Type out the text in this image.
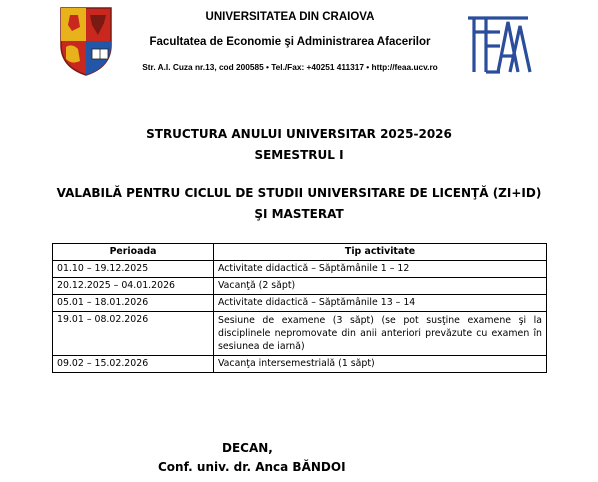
UNIVERSITATEA DIN CRAIOVA
Facultatea de Economie şi Administrarea Afacerilor
Str. A.I. Cuza nr.13, cod 200585 • Tel./Fax: +40251 411317 • http://feaa.ucv.ro
STRUCTURA ANULUI UNIVERSITAR 2025-2026
SEMESTRUL I
VALABILĂ PENTRU CICLUL DE STUDII UNIVERSITARE DE LICENŢĂ (ZI+ID)
ŞI MASTERAT
Perioada	Tip activitate
01.10 – 19.12.2025	Activitate didactică – Săptămânile 1 – 12
20.12.2025 – 04.01.2026	Vacanţă (2 săpt)
05.01 – 18.01.2026	Activitate didactică – Săptămânile 13 – 14
19.01 – 08.02.2026	Sesiune de examene (3 săpt) (se pot susţine examene şi la disciplinele nepromovate din anii anteriori prevăzute cu examen în sesiunea de iarnă)
09.02 – 15.02.2026	Vacanţa intersemestrială (1 săpt)
DECAN,
Conf. univ. dr. Anca BĂNDOI
